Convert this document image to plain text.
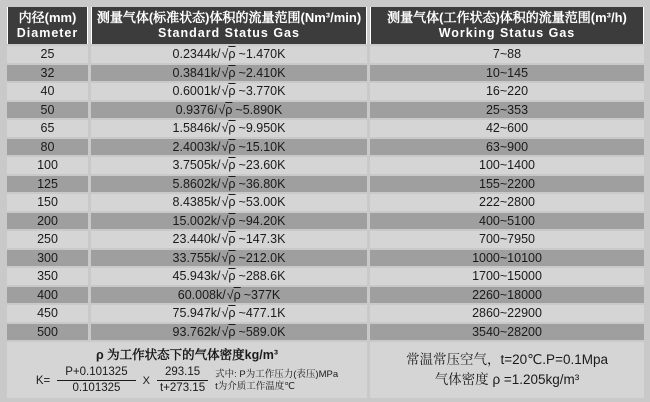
内径(mm)
Diameter
测量气体(标准状态)体积的流量范围(Nm³/min)
Standard Status Gas
测量气体(工作状态)体积的流量范围(m³/h)
Working Status Gas
25	0.2344k/ √ ρ ~1.470K	7~88
32	0.3841k/ √ ρ ~2.410K	10~145
40	0.6001k/ √ ρ ~3.770K	16~220
50	0.9376/ √ ρ ~5.890K	25~353
65	1.5846k/ √ ρ ~9.950K	42~600
80	2.4003k/ √ ρ ~15.10K	63~900
100	3.7505k/ √ ρ ~23.60K	100~1400
125	5.8602k/ √ ρ ~36.80K	155~2200
150	8.4385k/ √ ρ ~53.00K	222~2800
200	15.002k/ √ ρ ~94.20K	400~5100
250	23.440k/ √ ρ ~147.3K	700~7950
300	33.755k/ √ ρ ~212.0K	1000~10100
350	45.943k/ √ ρ ~288.6K	1700~15000
400	60.008k/ √ ρ ~377K	2260~18000
450	75.947k/ √ ρ ~477.1K	2860~22900
500	93.762k/ √ ρ ~589.0K	3540~28200
ρ 为工作状态下的气体密度kg/m³
$K= \frac{P+0.101325}{0.101325}$ X $\frac{293.15}{t+273.15}$ 式中: P为工作压力(表压)MPa
t为介质工作温度℃
常温常压空气，t=20℃.P=0.1Mpa
气体密度 ρ =1.205kg/m³
